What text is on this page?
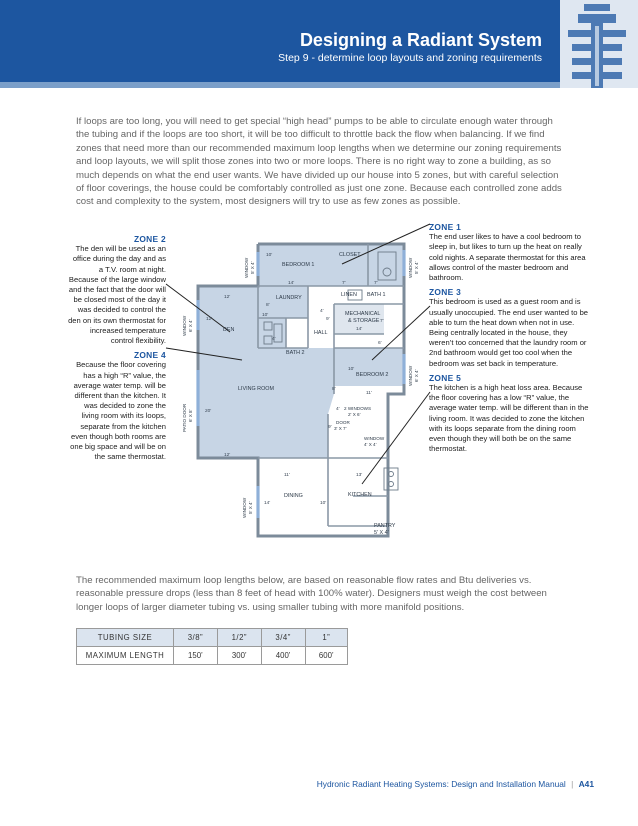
Designing a Radiant System
Step 9 - determine loop layouts and zoning requirements
If loops are too long, you will need to get special “high head” pumps to be able to circulate enough water through the tubing and if the loops are too short, it will be too difficult to throttle back the flow when balancing. If we find zones that need more than our recommended maximum loop lengths when we determine our zoning requirements and loop layouts, we will split those zones into two or more loops. There is no right way to zone a building, as so much depends on what the end user wants. We have divided up our house into 5 zones, but with careful selection of floor coverings, the house could be comfortably controlled as just one zone. Because each controlled zone adds cost and complexity to the system, most designers will try to use as few zones as possible.
ZONE 2
The den will be used as an office during the day and as a T.V. room at night. Because of the large window and the fact that the door will be closed most of the day it was decided to control the den on its own thermostat for increased temperature control flexibility.
ZONE 4
Because the floor covering has a high “R” value, the average water temp. will be different than the kitchen. It was decided to zone the living room with its loops, separate from the kitchen even though both rooms are one big space and will be on the same thermostat.
ZONE 1
The end user likes to have a cool bedroom to sleep in, but likes to turn up the heat on really cold nights. A separate thermostat for this area allows control of the master bedroom and bathroom.
ZONE 3
This bedroom is used as a guest room and is usually unoccupied. The end user wanted to be able to turn the heat down when not in use. Being centrally located in the house, they weren’t too concerned that the laundry room or 2nd bathroom would get too cool when the bedroom was set back in temperature.
ZONE 5
The kitchen is a high heat loss area. Because the floor covering has a low “R” value, the average water temp. will be different than in the living room. It was decided to zone the kitchen with its loops separate from the dining room even though they will both be on the same thermostat.
BEDROOM 1
CLOSET
LINEN BATH 1
LAUNDRY
MECHANICAL
& STORAGE
HALL
DEN
BATH 2
BEDROOM 2
LIVING ROOM
DINING	KITCHEN
PANTRY
5' X 4'
WINDOW 5' X 4'
WINDOW 6' X 4'
PATIO DOOR 6' X 8'
WINDOW 5' X 4'
WINDOW 5' X 4'
WINDOW 6' X 4'
2 WINDOWS
2' X 6'
DOOR
3' X 7'
WINDOW
4' X 4'
10'
14'	7'	7'
12'
12'
10'
8'
9'
4'
14'
7'
6'
4'
10'
11'
8'
4'
9'
20'
12'
11'	13'
14'	10'
The recommended maximum loop lengths below, are based on reasonable flow rates and Btu deliveries vs. reasonable pressure drops (less than 8 feet of head with 100% water). Designers must weigh the cost between longer loops of larger diameter tubing vs. using smaller tubing with more manifold positions.
TUBING SIZE	3/8”	1/2”	3/4”	1”
MAXIMUM LENGTH	150’	300’	400’	600’
Hydronic Radiant Heating Systems: Design and Installation Manual | A41
